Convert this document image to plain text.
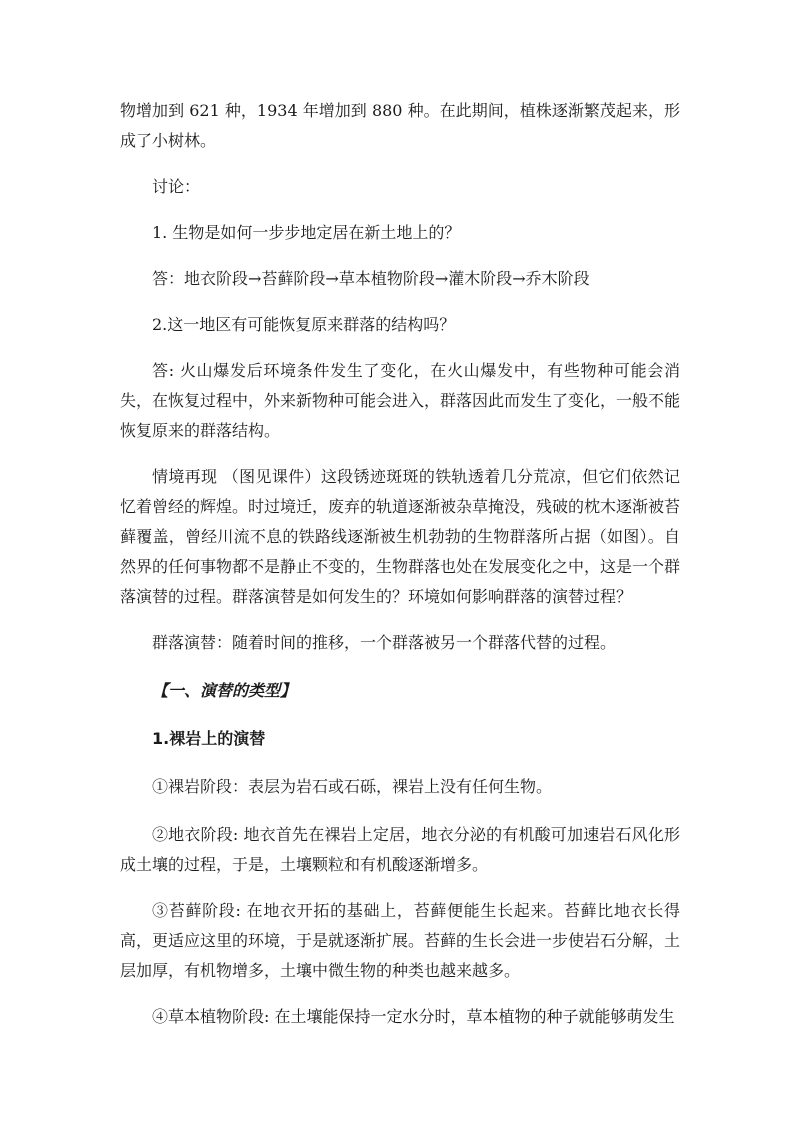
物增加到 621 种，1934 年增加到 880 种。在此期间，植株逐渐繁茂起来，形成了小树林。

讨论：

1. 生物是如何一步步地定居在新土地上的？

答：地衣阶段→苔藓阶段→草本植物阶段→灌木阶段→乔木阶段

2.这一地区有可能恢复原来群落的结构吗？

答: 火山爆发后环境条件发生了变化，在火山爆发中，有些物种可能会消失，在恢复过程中，外来新物种可能会进入，群落因此而发生了变化，一般不能恢复原来的群落结构。

情境再现 （图见课件）这段锈迹斑斑的铁轨透着几分荒凉，但它们依然记忆着曾经的辉煌。时过境迁，废弃的轨道逐渐被杂草掩没，残破的枕木逐渐被苔藓覆盖，曾经川流不息的铁路线逐渐被生机勃勃的生物群落所占据（如图）。自然界的任何事物都不是静止不变的，生物群落也处在发展变化之中，这是一个群落演替的过程。群落演替是如何发生的？环境如何影响群落的演替过程？

群落演替：随着时间的推移，一个群落被另一个群落代替的过程。

【一、演替的类型】

1.裸岩上的演替

①裸岩阶段：表层为岩石或石砾，裸岩上没有任何生物。

②地衣阶段: 地衣首先在裸岩上定居，地衣分泌的有机酸可加速岩石风化形成土壤的过程，于是，土壤颗粒和有机酸逐渐增多。

③苔藓阶段: 在地衣开拓的基础上，苔藓便能生长起来。苔藓比地衣长得高，更适应这里的环境，于是就逐渐扩展。苔藓的生长会进一步使岩石分解，土层加厚，有机物增多，土壤中微生物的种类也越来越多。

④草本植物阶段: 在土壤能保持一定水分时，草本植物的种子就能够萌发生
